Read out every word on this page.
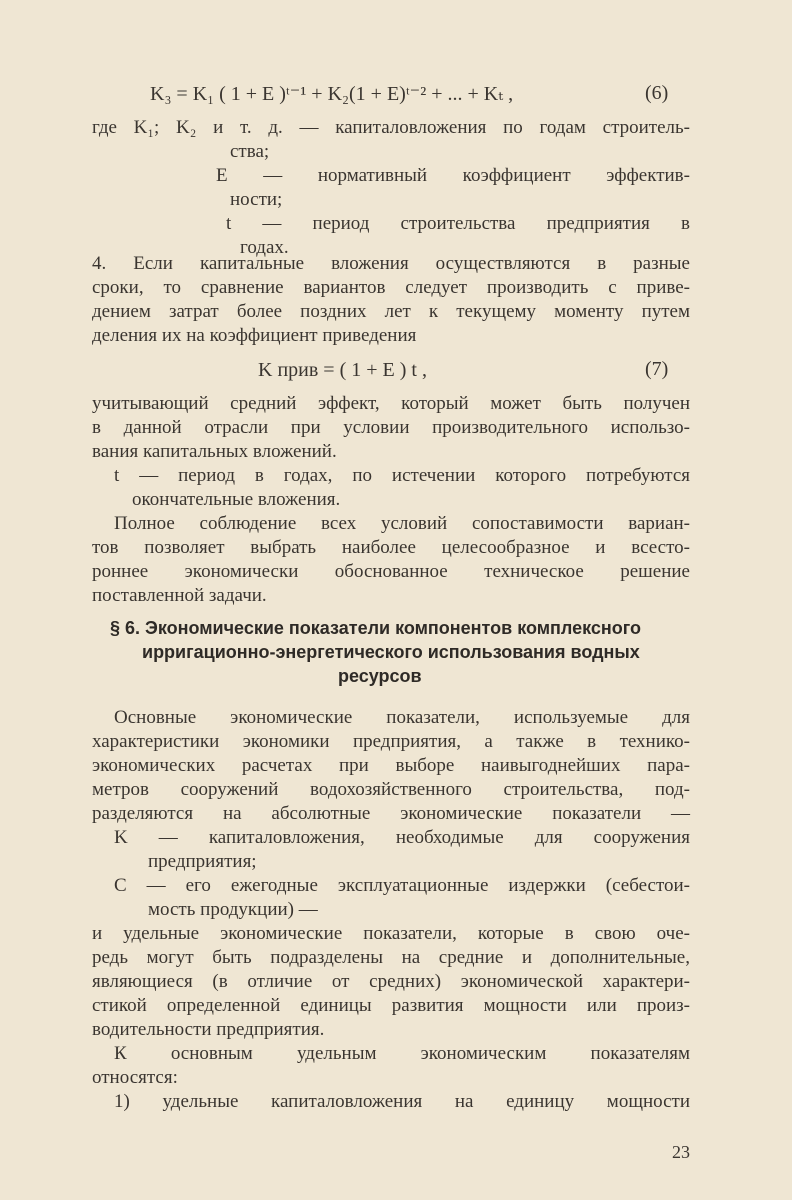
K₃ = K₁ ( 1 + E )ᵗ⁻¹ + K₂(1 + E)ᵗ⁻² + ... + Kₜ ,	(6)
где K₁; K₂ и т. д. — капиталовложения по годам строитель-
ства;
E — нормативный коэффициент эффектив-
ности;
t — период строительства предприятия в
годах.
4. Если капитальные вложения осуществляются в разные
сроки, то сравнение вариантов следует производить с приве-
дением затрат более поздних лет к текущему моменту путем
деления их на коэффициент приведения
K прив = ( 1 + E ) t ,	(7)
учитывающий средний эффект, который может быть получен
в данной отрасли при условии производительного использо-
вания капитальных вложений.
t — период в годах, по истечении которого потребуются
окончательные вложения.
Полное соблюдение всех условий сопоставимости вариан-
тов позволяет выбрать наиболее целесообразное и всесто-
роннее экономически обоснованное техническое решение
поставленной задачи.
§ 6. Экономические показатели компонентов комплексного
ирригационно-энергетического использования водных
ресурсов
Основные экономические показатели, используемые для
характеристики экономики предприятия, а также в технико-
экономических расчетах при выборе наивыгоднейших пара-
метров сооружений водохозяйственного строительства, под-
разделяются на абсолютные экономические показатели —
K — капиталовложения, необходимые для сооружения
предприятия;
C — его ежегодные эксплуатационные издержки (себестои-
мость продукции) —
и удельные экономические показатели, которые в свою оче-
редь могут быть подразделены на средние и дополнительные,
являющиеся (в отличие от средних) экономической характери-
стикой определенной единицы развития мощности или произ-
водительности предприятия.
К основным удельным экономическим показателям
относятся:
1) удельные капиталовложения на единицу мощности
23
